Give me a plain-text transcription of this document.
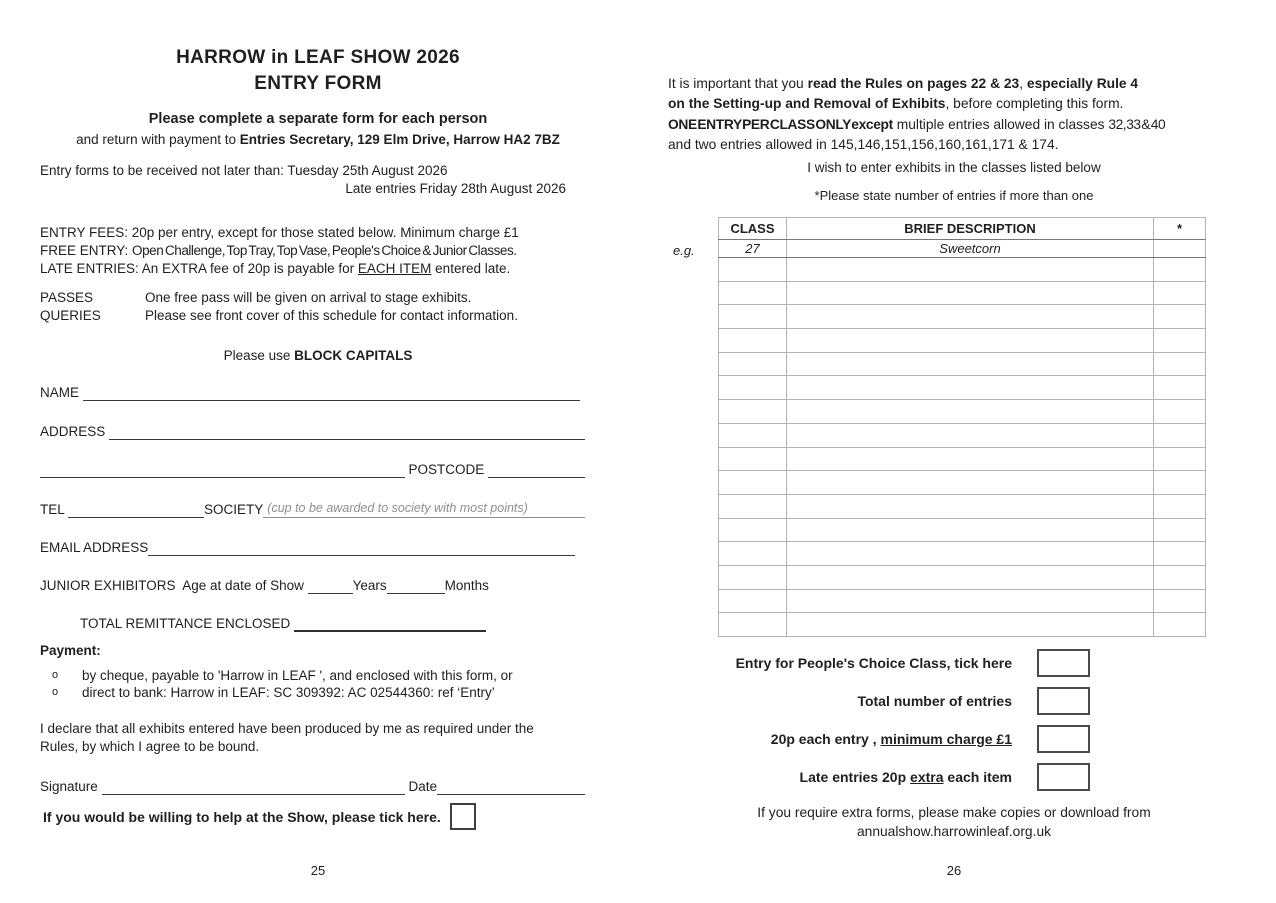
HARROW in LEAF SHOW 2026
ENTRY FORM
Please complete a separate form for each person
and return with payment to Entries Secretary, 129 Elm Drive, Harrow HA2 7BZ
Entry forms to be received not later than: Tuesday 25th August 2026
Late entries Friday 28th August 2026
ENTRY FEES: 20p per entry, except for those stated below. Minimum charge £1
FREE ENTRY: Open Challenge, Top Tray, Top Vase, People's Choice & Junior Classes.
LATE ENTRIES: An EXTRA fee of 20p is payable for EACH ITEM entered late.
PASSES	One free pass will be given on arrival to stage exhibits.
QUERIES	Please see front cover of this schedule for contact information.
Please use BLOCK CAPITALS
NAME
ADDRESS
POSTCODE
TEL	SOCIETY (cup to be awarded to society with most points)
EMAIL ADDRESS
JUNIOR EXHIBITORS  Age at date of Show	Years	Months
TOTAL REMITTANCE ENCLOSED
Payment:
o	by cheque, payable to 'Harrow in LEAF ', and enclosed with this form, or
o	direct to bank: Harrow in LEAF: SC 309392: AC 02544360: ref ‘Entry’
I declare that all exhibits entered have been produced by me as required under the Rules, by which I agree to be bound.
Signature	Date
If you would be willing to help at the Show, please tick here.
25
It is important that you read the Rules on pages 22 & 23, especially Rule 4
on the Setting-up and Removal of Exhibits, before completing this form.
ONE ENTRY PER CLASS ONLY except multiple entries allowed in classes 32,33 & 40
and two entries allowed in 145,146,151,156,160,161,171 & 174.
I wish to enter exhibits in the classes listed below
*Please state number of entries if more than one
e.g.
CLASS	BRIEF DESCRIPTION	*
27	Sweetcorn	

Entry for People's Choice Class, tick here
Total number of entries
20p each entry , minimum charge £1
Late entries 20p extra each item
If you require extra forms, please make copies or download from
annualshow.harrowinleaf.org.uk
26
